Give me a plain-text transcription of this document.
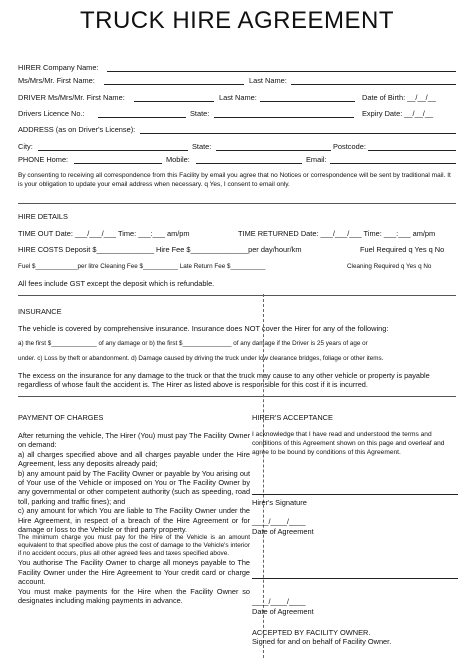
TRUCK HIRE AGREEMENT
HIRER Company Name:
Ms/Mrs/Mr. First Name:	Last Name:
DRIVER Ms/Mrs/Mr. First Name:	Last Name:	Date of Birth: __/__/__
Drivers Licence No.:	State:	Expiry Date: __/__/__
ADDRESS (as on Driver's License):
City:	State:	Postcode:
PHONE Home:	Mobile:	Email:
By consenting to receiving all correspondence from this Facility by email you agree that no Notices or correspondence will be sent by traditional mail. It is your obligation to update your email address when necessary. q Yes, I consent to email only.
HIRE DETAILS
TIME OUT Date: ___/___/___ Time: ___:___ am/pm	TIME RETURNED Date: ___/___/___ Time: ___:___ am/pm
HIRE COSTS Deposit $______________ Hire Fee $______________per day/hour/km	Fuel Required q Yes q No
Fuel $____________per litre Cleaning Fee $__________ Late Return Fee $__________	Cleaning Required q Yes q No
All fees include GST except the deposit which is refundable.
INSURANCE
The vehicle is covered by comprehensive insurance. Insurance does NOT cover the Hirer for any of the following:
a) the first $_____________ of any damage or b) the first $______________ of any damage if the Driver is 25 years of age or
under. c) Loss by theft or abandonment. d) Damage caused by driving the truck under low clearance bridges, foliage or other items.
The excess on the insurance for any damage to the truck or that the truck may cause to any other vehicle or property is payable regardless of whose fault the accident is. The Hirer as listed above is responsible for this cost if it is incurred.
PAYMENT OF CHARGES
After returning the vehicle, The Hirer (You) must pay The Facility Owner on demand:
a) all charges specified above and all charges payable under the Hire Agreement, less any deposits already paid;
b) any amount paid by The Facility Owner or payable by You arising out of Your use of the Vehicle or imposed on You or The Facility Owner by any governmental or other competent authority (such as speeding, road toll, parking and traffic fines); and
c) any amount for which You are liable to The Facility Owner under the Hire Agreement, in respect of a breach of the Hire Agreement or for damage or loss to the Vehicle or third party property.
The minimum charge you must pay for the Hire of the Vehicle is an amount equivalent to that specified above plus the cost of damage to the Vehicle's interior if no accident occurs, plus all other agreed fees and taxes specified above.
You authorise The Facility Owner to charge all moneys payable to The Facility Owner under the Hire Agreement to Your credit card or charge account.
You must make payments for the Hire when the Facility Owner so designates including making payments in advance.
HIRER'S ACCEPTANCE
I acknowledge that I have read and understood the terms and conditions of this Agreement shown on this page and overleaf and agree to be bound by conditions of this Agreement.
Hirer's Signature
____/____/____
Date of Agreement
____/____/____
Date of Agreement
ACCEPTED BY FACILITY OWNER.
Signed for and on behalf of Facility Owner.
